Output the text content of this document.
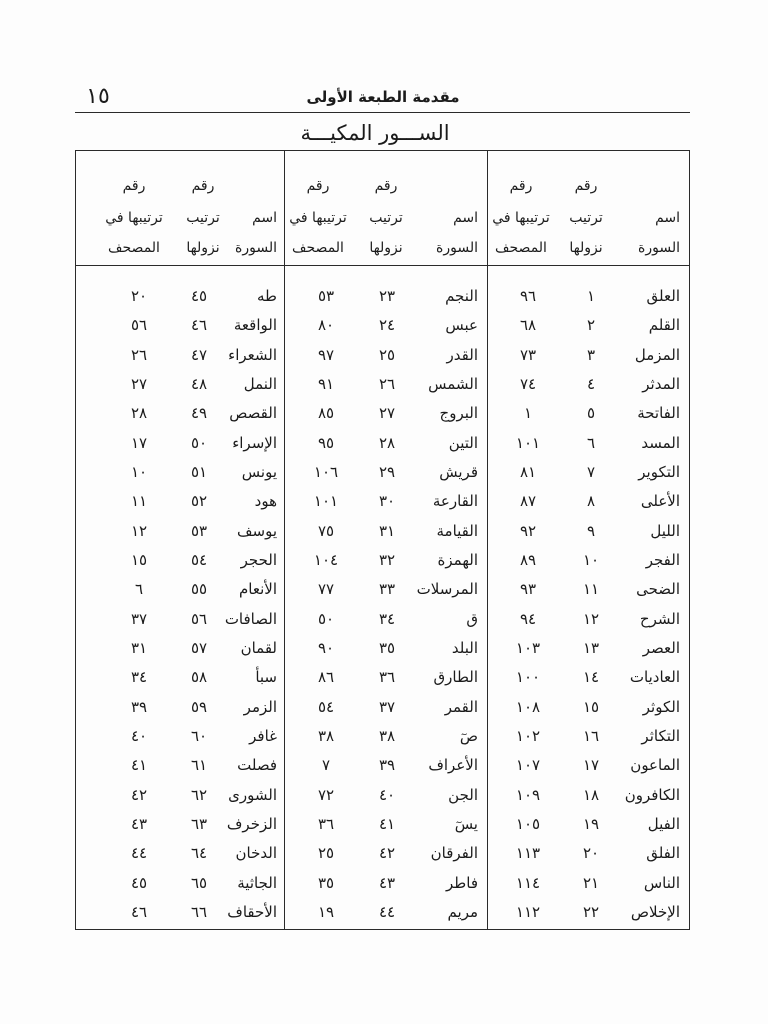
١٥	مقدمة الطبعة الأولى
الســـور المكيـــة
اسم
السورة
رقم
ترتيب
نزولها
رقم
ترتيبها في
المصحف
العلق
١
٩٦
القلم
٢
٦٨
المزمل
٣
٧٣
المدثر
٤
٧٤
الفاتحة
٥
١
المسد
٦
١٠١
التكوير
٧
٨١
الأعلى
٨
٨٧
الليل
٩
٩٢
الفجر
١٠
٨٩
الضحى
١١
٩٣
الشرح
١٢
٩٤
العصر
١٣
١٠٣
العاديات
١٤
١٠٠
الكوثر
١٥
١٠٨
التكاثر
١٦
١٠٢
الماعون
١٧
١٠٧
الكافرون
١٨
١٠٩
الفيل
١٩
١٠٥
الفلق
٢٠
١١٣
الناس
٢١
١١٤
الإخلاص
٢٢
١١٢
اسم
السورة
رقم
ترتيب
نزولها
رقم
ترتيبها في
المصحف
النجم
٢٣
٥٣
عبس
٢٤
٨٠
القدر
٢٥
٩٧
الشمس
٢٦
٩١
البروج
٢٧
٨٥
التين
٢٨
٩٥
قريش
٢٩
١٠٦
القارعة
٣٠
١٠١
القيامة
٣١
٧٥
الهمزة
٣٢
١٠٤
المرسلات
٣٣
٧٧
ق
٣٤
٥٠
البلد
٣٥
٩٠
الطارق
٣٦
٨٦
القمر
٣٧
٥٤
صٓ
٣٨
٣٨
الأعراف
٣٩
٧
الجن
٤٠
٧٢
يسٓ
٤١
٣٦
الفرقان
٤٢
٢٥
فاطر
٤٣
٣٥
مريم
٤٤
١٩
اسم
السورة
رقم
ترتيب
نزولها
رقم
ترتيبها في
المصحف
طه
٤٥
٢٠
الواقعة
٤٦
٥٦
الشعراء
٤٧
٢٦
النمل
٤٨
٢٧
القصص
٤٩
٢٨
الإسراء
٥٠
١٧
يونس
٥١
١٠
هود
٥٢
١١
يوسف
٥٣
١٢
الحجر
٥٤
١٥
الأنعام
٥٥
٦
الصافات
٥٦
٣٧
لقمان
٥٧
٣١
سبأ
٥٨
٣٤
الزمر
٥٩
٣٩
غافر
٦٠
٤٠
فصلت
٦١
٤١
الشورى
٦٢
٤٢
الزخرف
٦٣
٤٣
الدخان
٦٤
٤٤
الجاثية
٦٥
٤٥
الأحقاف
٦٦
٤٦
